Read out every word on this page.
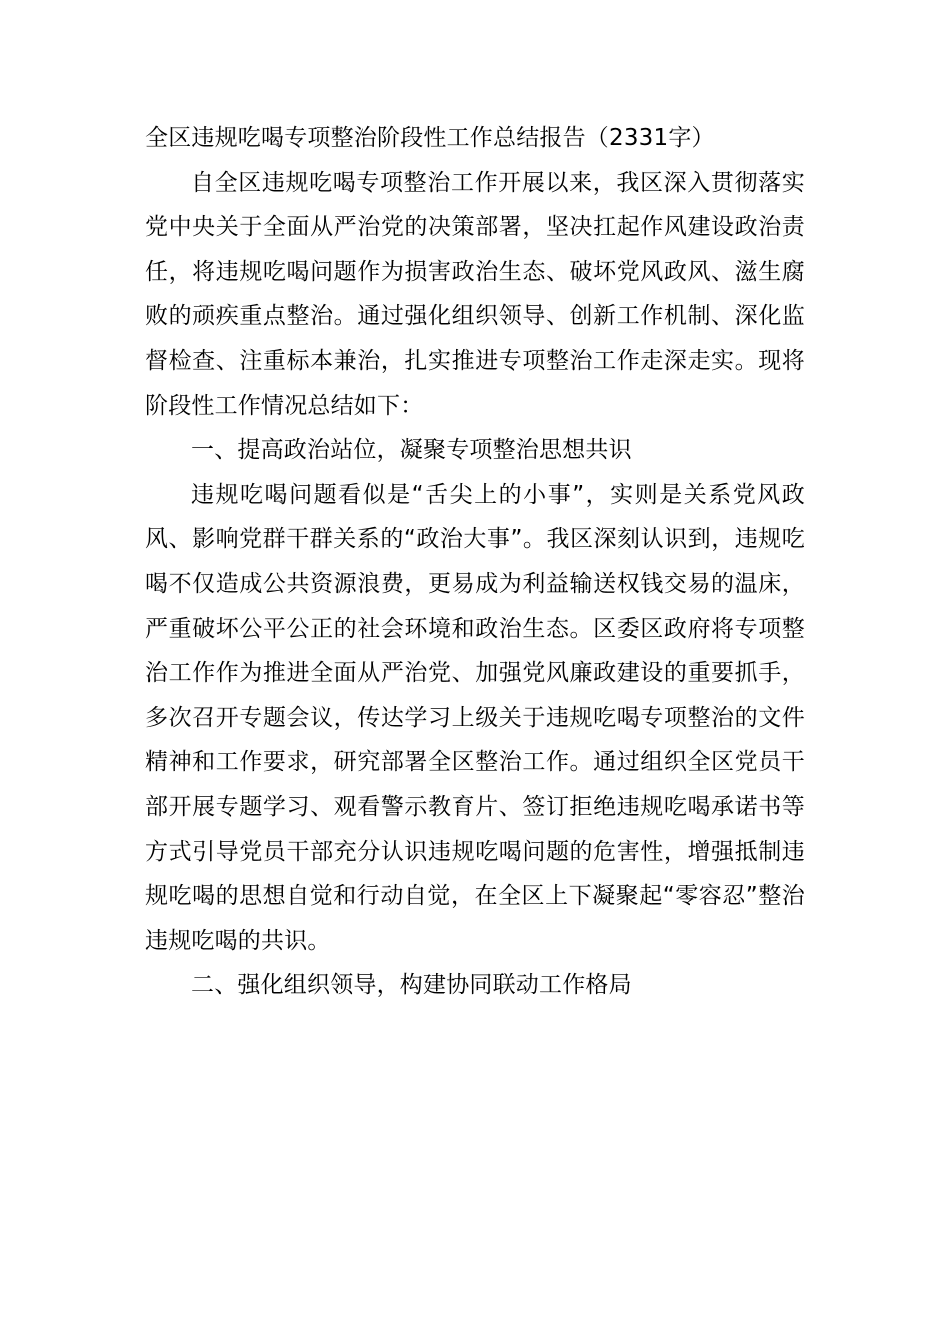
全区违规吃喝专项整治阶段性工作总结报告（2331字）

自全区违规吃喝专项整治工作开展以来，我区深入贯彻落实党中央关于全面从严治党的决策部署，坚决扛起作风建设政治责任，将违规吃喝问题作为损害政治生态、破坏党风政风、滋生腐败的顽疾重点整治。通过强化组织领导、创新工作机制、深化监督检查、注重标本兼治，扎实推进专项整治工作走深走实。现将阶段性工作情况总结如下：

一、提高政治站位，凝聚专项整治思想共识

违规吃喝问题看似是“舌尖上的小事”，实则是关系党风政风、影响党群干群关系的“政治大事”。我区深刻认识到，违规吃喝不仅造成公共资源浪费，更易成为利益输送权钱交易的温床，严重破坏公平公正的社会环境和政治生态。区委区政府将专项整治工作作为推进全面从严治党、加强党风廉政建设的重要抓手，多次召开专题会议，传达学习上级关于违规吃喝专项整治的文件精神和工作要求，研究部署全区整治工作。通过组织全区党员干部开展专题学习、观看警示教育片、签订拒绝违规吃喝承诺书等方式引导党员干部充分认识违规吃喝问题的危害性，增强抵制违规吃喝的思想自觉和行动自觉，在全区上下凝聚起“零容忍”整治违规吃喝的共识。

二、强化组织领导，构建协同联动工作格局
